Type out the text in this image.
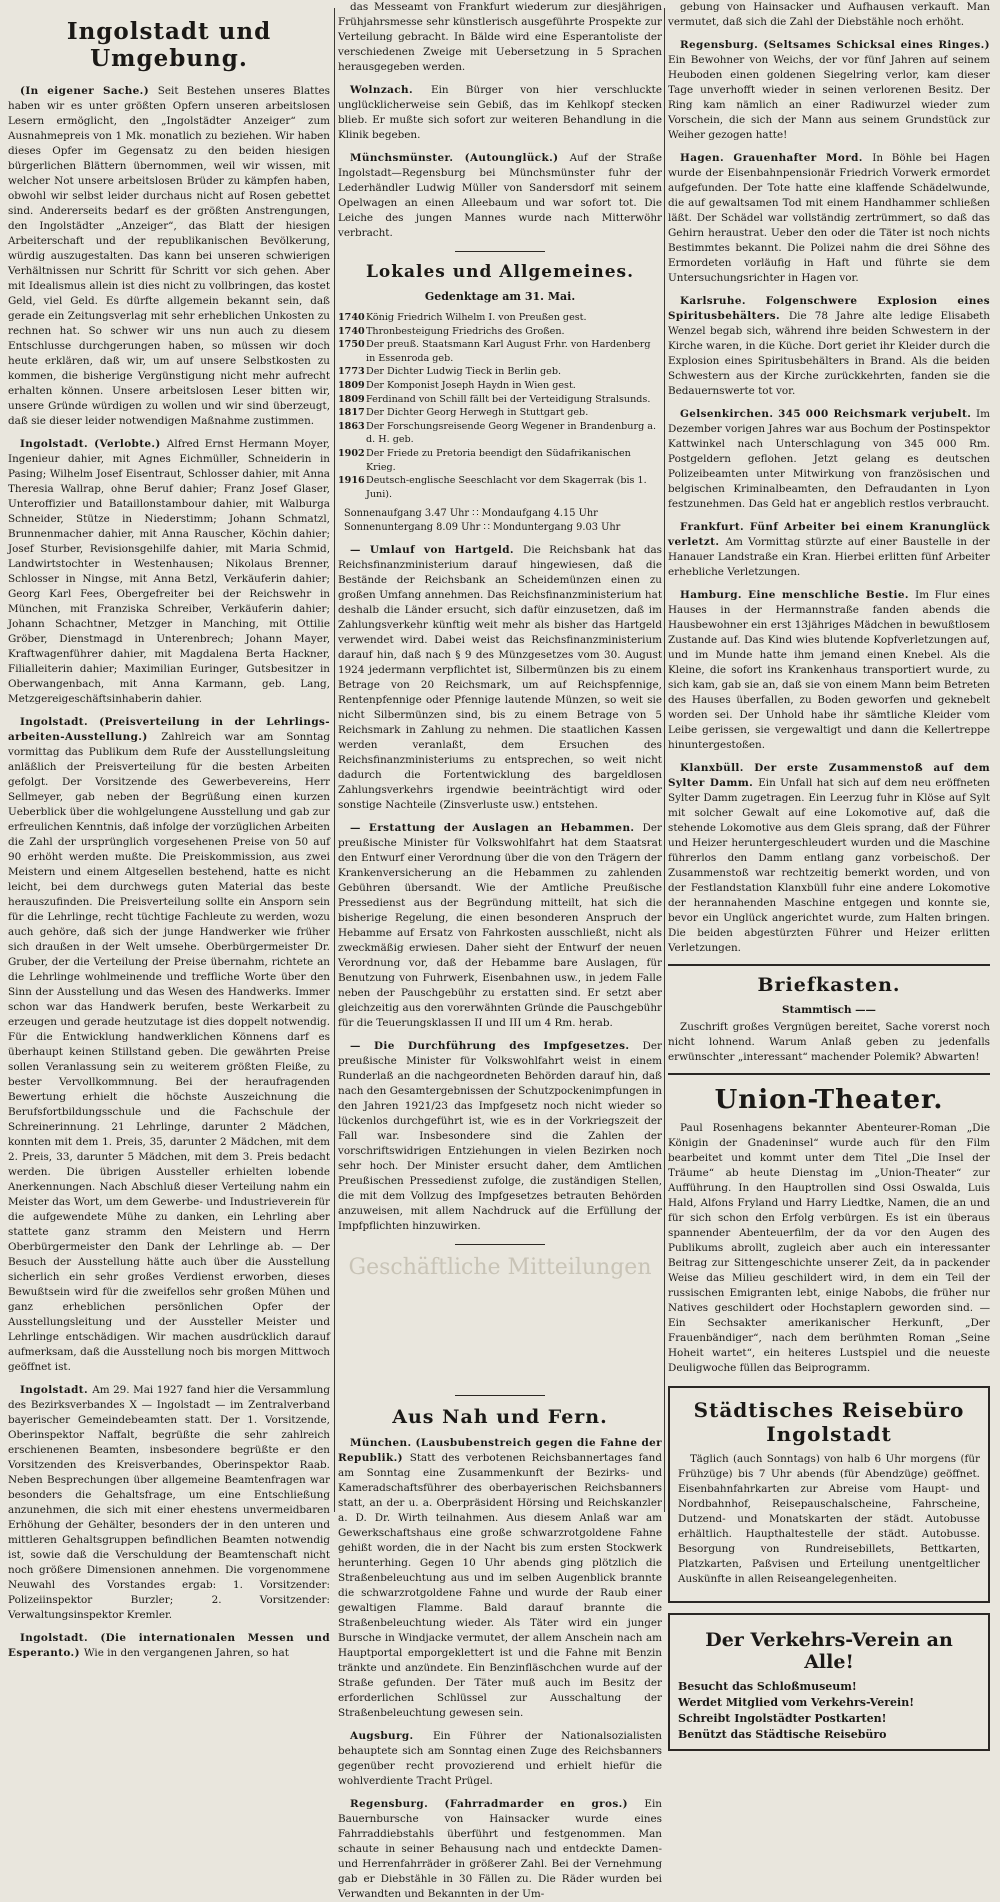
Ingolstadt und Umgebung.

(In eigener Sache.) Seit Bestehen unseres Blattes haben wir es unter größten Opfern unseren arbeitslosen Lesern ermöglicht, den „Ingolstädter Anzeiger“ zum Ausnahmepreis von 1 Mk. monatlich zu beziehen. Wir haben dieses Opfer im Gegensatz zu den beiden hiesigen bürgerlichen Blättern übernommen, weil wir wissen, mit welcher Not unsere arbeitslosen Brüder zu kämpfen haben, obwohl wir selbst leider durchaus nicht auf Rosen gebettet sind. Andererseits bedarf es der größten Anstrengungen, den Ingolstädter „Anzeiger“, das Blatt der hiesigen Arbeiterschaft und der republikanischen Bevölkerung, würdig auszugestalten. Das kann bei unseren schwierigen Verhältnissen nur Schritt für Schritt vor sich gehen. Aber mit Idealismus allein ist dies nicht zu vollbringen, das kostet Geld, viel Geld. Es dürfte allgemein bekannt sein, daß gerade ein Zeitungsverlag mit sehr erheblichen Unkosten zu rechnen hat. So schwer wir uns nun auch zu diesem Entschlusse durchgerungen haben, so müssen wir doch heute erklären, daß wir, um auf unsere Selbstkosten zu kommen, die bisherige Vergünstigung nicht mehr aufrecht erhalten können. Unsere arbeitslosen Leser bitten wir, unsere Gründe würdigen zu wollen und wir sind überzeugt, daß sie dieser leider notwendigen Maßnahme zustimmen.

Ingolstadt. (Verlobte.) Alfred Ernst Hermann Moyer, Ingenieur dahier, mit Agnes Eichmüller, Schneiderin in Pasing; Wilhelm Josef Eisentraut, Schlosser dahier, mit Anna Theresia Wallrap, ohne Beruf dahier; Franz Josef Glaser, Unteroffizier und Bataillonstambour dahier, mit Walburga Schneider, Stütze in Niederstimm; Johann Schmatzl, Brunnenmacher dahier, mit Anna Rauscher, Köchin dahier; Josef Sturber, Revisionsgehilfe dahier, mit Maria Schmid, Landwirtstochter in Westenhausen; Nikolaus Brenner, Schlosser in Ningse, mit Anna Betzl, Verkäuferin dahier; Georg Karl Fees, Obergefreiter bei der Reichswehr in München, mit Franziska Schreiber, Verkäuferin dahier; Johann Schachtner, Metzger in Manching, mit Ottilie Gröber, Dienstmagd in Unterenbrech; Johann Mayer, Kraftwagenführer dahier, mit Magdalena Berta Hackner, Filialleiterin dahier; Maximilian Euringer, Gutsbesitzer in Oberwangenbach, mit Anna Karmann, geb. Lang, Metzgereigeschäftsinhaberin dahier.

Ingolstadt. (Preisverteilung in der Lehrlings-arbeiten-Ausstellung.) Zahlreich war am Sonntag vormittag das Publikum dem Rufe der Ausstellungsleitung anläßlich der Preisverteilung für die besten Arbeiten gefolgt. Der Vorsitzende des Gewerbevereins, Herr Sellmeyer, gab neben der Begrüßung einen kurzen Ueberblick über die wohlgelungene Ausstellung und gab zur erfreulichen Kenntnis, daß infolge der vorzüglichen Arbeiten die Zahl der ursprünglich vorgesehenen Preise von 50 auf 90 erhöht werden mußte. Die Preiskommission, aus zwei Meistern und einem Altgesellen bestehend, hatte es nicht leicht, bei dem durchwegs guten Material das beste herauszufinden. Die Preisverteilung sollte ein Ansporn sein für die Lehrlinge, recht tüchtige Fachleute zu werden, wozu auch gehöre, daß sich der junge Handwerker wie früher sich draußen in der Welt umsehe. Oberbürgermeister Dr. Gruber, der die Verteilung der Preise übernahm, richtete an die Lehrlinge wohlmeinende und treffliche Worte über den Sinn der Ausstellung und das Wesen des Handwerks. Immer schon war das Handwerk berufen, beste Werkarbeit zu erzeugen und gerade heutzutage ist dies doppelt notwendig. Für die Entwicklung handwerklichen Könnens darf es überhaupt keinen Stillstand geben. Die gewährten Preise sollen Veranlassung sein zu weiterem größten Fleiße, zu bester Vervollkommnung. Bei der heraufragenden Bewertung erhielt die höchste Auszeichnung die Berufsfortbildungsschule und die Fachschule der Schreinerinnung. 21 Lehrlinge, darunter 2 Mädchen, konnten mit dem 1. Preis, 35, darunter 2 Mädchen, mit dem 2. Preis, 33, darunter 5 Mädchen, mit dem 3. Preis bedacht werden. Die übrigen Aussteller erhielten lobende Anerkennungen. Nach Abschluß dieser Verteilung nahm ein Meister das Wort, um dem Gewerbe- und Industrieverein für die aufgewendete Mühe zu danken, ein Lehrling aber stattete ganz stramm den Meistern und Herrn Oberbürgermeister den Dank der Lehrlinge ab. — Der Besuch der Ausstellung hätte auch über die Ausstellung sicherlich ein sehr großes Verdienst erworben, dieses Bewußtsein wird für die zweifellos sehr großen Mühen und ganz erheblichen persönlichen Opfer der Ausstellungsleitung und der Aussteller Meister und Lehrlinge entschädigen. Wir machen ausdrücklich darauf aufmerksam, daß die Ausstellung noch bis morgen Mittwoch geöffnet ist.

Ingolstadt. Am 29. Mai 1927 fand hier die Versammlung des Bezirksverbandes X — Ingolstadt — im Zentralverband bayerischer Gemeindebeamten statt. Der 1. Vorsitzende, Oberinspektor Naffalt, begrüßte die sehr zahlreich erschienenen Beamten, insbesondere begrüßte er den Vorsitzenden des Kreisverbandes, Oberinspektor Raab. Neben Besprechungen über allgemeine Beamtenfragen war besonders die Gehaltsfrage, um eine Entschließung anzunehmen, die sich mit einer ehestens unvermeidbaren Erhöhung der Gehälter, besonders der in den unteren und mittleren Gehaltsgruppen befindlichen Beamten notwendig ist, sowie daß die Verschuldung der Beamtenschaft nicht noch größere Dimensionen annehmen. Die vorgenommene Neuwahl des Vorstandes ergab: 1. Vorsitzender: Polizeiinspektor Burzler; 2. Vorsitzender: Verwaltungsinspektor Kremler.

Ingolstadt. (Die internationalen Messen und Esperanto.) Wie in den vergangenen Jahren, so hat

das Messeamt von Frankfurt wiederum zur diesjährigen Frühjahrsmesse sehr künstlerisch ausgeführte Prospekte zur Verteilung gebracht. In Bälde wird eine Esperantoliste der verschiedenen Zweige mit Uebersetzung in 5 Sprachen herausgegeben werden.

Wolnzach. Ein Bürger von hier verschluckte unglücklicherweise sein Gebiß, das im Kehlkopf stecken blieb. Er mußte sich sofort zur weiteren Behandlung in die Klinik begeben.

Münchsmünster. (Autounglück.) Auf der Straße Ingolstadt—Regensburg bei Münchsmünster fuhr der Lederhändler Ludwig Müller von Sandersdorf mit seinem Opelwagen an einen Alleebaum und war sofort tot. Die Leiche des jungen Mannes wurde nach Mitterwöhr verbracht.

Lokales und Allgemeines.
Gedenktage am 31. Mai.
1740 König Friedrich Wilhelm I. von Preußen gest.
1740 Thronbesteigung Friedrichs des Großen.
1750 Der preuß. Staatsmann Karl August Frhr. von Hardenberg in Essenroda geb.
1773 Der Dichter Ludwig Tieck in Berlin geb.
1809 Der Komponist Joseph Haydn in Wien gest.
1809 Ferdinand von Schill fällt bei der Verteidigung Stralsunds.
1817 Der Dichter Georg Herwegh in Stuttgart geb.
1863 Der Forschungsreisende Georg Wegener in Brandenburg a. d. H. geb.
1902 Der Friede zu Pretoria beendigt den Südafrikanischen Krieg.
1916 Deutsch-englische Seeschlacht vor dem Skagerrak (bis 1. Juni).
Sonnenaufgang 3.47 Uhr ∷ Mondaufgang 4.15 Uhr
Sonnenuntergang 8.09 Uhr ∷ Monduntergang 9.03 Uhr

— Umlauf von Hartgeld. Die Reichsbank hat das Reichsfinanzministerium darauf hingewiesen, daß die Bestände der Reichsbank an Scheidemünzen einen zu großen Umfang annehmen. Das Reichsfinanzministerium hat deshalb die Länder ersucht, sich dafür einzusetzen, daß im Zahlungsverkehr künftig weit mehr als bisher das Hartgeld verwendet wird. Dabei weist das Reichsfinanzministerium darauf hin, daß nach § 9 des Münzgesetzes vom 30. August 1924 jedermann verpflichtet ist, Silbermünzen bis zu einem Betrage von 20 Reichsmark, um auf Reichspfennige, Rentenpfennige oder Pfennige lautende Münzen, so weit sie nicht Silbermünzen sind, bis zu einem Betrage von 5 Reichsmark in Zahlung zu nehmen. Die staatlichen Kassen werden veranlaßt, dem Ersuchen des Reichsfinanzministeriums zu entsprechen, so weit nicht dadurch die Fortentwicklung des bargeldlosen Zahlungsverkehrs irgendwie beeinträchtigt wird oder sonstige Nachteile (Zinsverluste usw.) entstehen.

— Erstattung der Auslagen an Hebammen. Der preußische Minister für Volkswohlfahrt hat dem Staatsrat den Entwurf einer Verordnung über die von den Trägern der Krankenversicherung an die Hebammen zu zahlenden Gebühren übersandt. Wie der Amtliche Preußische Pressedienst aus der Begründung mitteilt, hat sich die bisherige Regelung, die einen besonderen Anspruch der Hebamme auf Ersatz von Fahrkosten ausschließt, nicht als zweckmäßig erwiesen. Daher sieht der Entwurf der neuen Verordnung vor, daß der Hebamme bare Auslagen, für Benutzung von Fuhrwerk, Eisenbahnen usw., in jedem Falle neben der Pauschgebühr zu erstatten sind. Er setzt aber gleichzeitig aus den vorerwähnten Gründe die Pauschgebühr für die Teuerungsklassen II und III um 4 Rm. herab.

— Die Durchführung des Impfgesetzes. Der preußische Minister für Volkswohlfahrt weist in einem Runderlaß an die nachgeordneten Behörden darauf hin, daß nach den Gesamtergebnissen der Schutzpockenimpfungen in den Jahren 1921/23 das Impfgesetz noch nicht wieder so lückenlos durchgeführt ist, wie es in der Vorkriegszeit der Fall war. Insbesondere sind die Zahlen der vorschriftswidrigen Entziehungen in vielen Bezirken noch sehr hoch. Der Minister ersucht daher, dem Amtlichen Preußischen Pressedienst zufolge, die zuständigen Stellen, die mit dem Vollzug des Impfgesetzes betrauten Behörden anzuweisen, mit allem Nachdruck auf die Erfüllung der Impfpflichten hinzuwirken.

Geschäftliche Mitteilungen
Aus Nah und Fern.

München. (Lausbubenstreich gegen die Fahne der Republik.) Statt des verbotenen Reichsbannertages fand am Sonntag eine Zusammenkunft der Bezirks- und Kameradschaftsführer des oberbayerischen Reichsbanners statt, an der u. a. Oberpräsident Hörsing und Reichskanzler a. D. Dr. Wirth teilnahmen. Aus diesem Anlaß war am Gewerkschaftshaus eine große schwarzrotgoldene Fahne gehißt worden, die in der Nacht bis zum ersten Stockwerk herunterhing. Gegen 10 Uhr abends ging plötzlich die Straßenbeleuchtung aus und im selben Augenblick brannte die schwarzrotgoldene Fahne und wurde der Raub einer gewaltigen Flamme. Bald darauf brannte die Straßenbeleuchtung wieder. Als Täter wird ein junger Bursche in Windjacke vermutet, der allem Anschein nach am Hauptportal emporgeklettert ist und die Fahne mit Benzin tränkte und anzündete. Ein Benzinfläschchen wurde auf der Straße gefunden. Der Täter muß auch im Besitz der erforderlichen Schlüssel zur Ausschaltung der Straßenbeleuchtung gewesen sein.

Augsburg. Ein Führer der Nationalsozialisten behauptete sich am Sonntag einen Zuge des Reichsbanners gegenüber recht provozierend und erhielt hiefür die wohlverdiente Tracht Prügel.

Regensburg. (Fahrradmarder en gros.) Ein Bauernbursche von Hainsacker wurde eines Fahrraddiebstahls überführt und festgenommen. Man schaute in seiner Behausung nach und entdeckte Damen- und Herrenfahrräder in größerer Zahl. Bei der Vernehmung gab er Diebstähle in 30 Fällen zu. Die Räder wurden bei Verwandten und Bekannten in der Um-

gebung von Hainsacker und Aufhausen verkauft. Man vermutet, daß sich die Zahl der Diebstähle noch erhöht.

Regensburg. (Seltsames Schicksal eines Ringes.) Ein Bewohner von Weichs, der vor fünf Jahren auf seinem Heuboden einen goldenen Siegelring verlor, kam dieser Tage unverhofft wieder in seinen verlorenen Besitz. Der Ring kam nämlich an einer Radiwurzel wieder zum Vorschein, die sich der Mann aus seinem Grundstück zur Weiher gezogen hatte!

Hagen. Grauenhafter Mord. In Böhle bei Hagen wurde der Eisenbahnpensionär Friedrich Vorwerk ermordet aufgefunden. Der Tote hatte eine klaffende Schädelwunde, die auf gewaltsamen Tod mit einem Handhammer schließen läßt. Der Schädel war vollständig zertrümmert, so daß das Gehirn heraustrat. Ueber den oder die Täter ist noch nichts Bestimmtes bekannt. Die Polizei nahm die drei Söhne des Ermordeten vorläufig in Haft und führte sie dem Untersuchungsrichter in Hagen vor.

Karlsruhe. Folgenschwere Explosion eines Spiritusbehälters. Die 78 Jahre alte ledige Elisabeth Wenzel begab sich, während ihre beiden Schwestern in der Kirche waren, in die Küche. Dort geriet ihr Kleider durch die Explosion eines Spiritusbehälters in Brand. Als die beiden Schwestern aus der Kirche zurückkehrten, fanden sie die Bedauernswerte tot vor.

Gelsenkirchen. 345 000 Reichsmark verjubelt. Im Dezember vorigen Jahres war aus Bochum der Postinspektor Kattwinkel nach Unterschlagung von 345 000 Rm. Postgeldern geflohen. Jetzt gelang es deutschen Polizeibeamten unter Mitwirkung von französischen und belgischen Kriminalbeamten, den Defraudanten in Lyon festzunehmen. Das Geld hat er angeblich restlos verbraucht.

Frankfurt. Fünf Arbeiter bei einem Kranunglück verletzt. Am Vormittag stürzte auf einer Baustelle in der Hanauer Landstraße ein Kran. Hierbei erlitten fünf Arbeiter erhebliche Verletzungen.

Hamburg. Eine menschliche Bestie. Im Flur eines Hauses in der Hermannstraße fanden abends die Hausbewohner ein erst 13jähriges Mädchen in bewußtlosem Zustande auf. Das Kind wies blutende Kopfverletzungen auf, und im Munde hatte ihm jemand einen Knebel. Als die Kleine, die sofort ins Krankenhaus transportiert wurde, zu sich kam, gab sie an, daß sie von einem Mann beim Betreten des Hauses überfallen, zu Boden geworfen und geknebelt worden sei. Der Unhold habe ihr sämtliche Kleider vom Leibe gerissen, sie vergewaltigt und dann die Kellertreppe hinuntergestoßen.

Klanxbüll. Der erste Zusammenstoß auf dem Sylter Damm. Ein Unfall hat sich auf dem neu eröffneten Sylter Damm zugetragen. Ein Leerzug fuhr in Klöse auf Sylt mit solcher Gewalt auf eine Lokomotive auf, daß die stehende Lokomotive aus dem Gleis sprang, daß der Führer und Heizer heruntergeschleudert wurden und die Maschine führerlos den Damm entlang ganz vorbeischoß. Der Zusammenstoß war rechtzeitig bemerkt worden, und von der Festlandstation Klanxbüll fuhr eine andere Lokomotive der herannahenden Maschine entgegen und konnte sie, bevor ein Unglück angerichtet wurde, zum Halten bringen. Die beiden abgestürzten Führer und Heizer erlitten Verletzungen.

Briefkasten.

Stammtisch ——

Zuschrift großes Vergnügen bereitet, Sache vorerst noch nicht lohnend. Warum Anlaß geben zu jedenfalls erwünschter „interessant“ machender Polemik? Abwarten!

Union-Theater.

Paul Rosenhagens bekannter Abenteurer-Roman „Die Königin der Gnadeninsel“ wurde auch für den Film bearbeitet und kommt unter dem Titel „Die Insel der Träume“ ab heute Dienstag im „Union-Theater“ zur Aufführung. In den Hauptrollen sind Ossi Oswalda, Luis Hald, Alfons Fryland und Harry Liedtke, Namen, die an und für sich schon den Erfolg verbürgen. Es ist ein überaus spannender Abenteuerfilm, der da vor den Augen des Publikums abrollt, zugleich aber auch ein interessanter Beitrag zur Sittengeschichte unserer Zeit, da in packender Weise das Milieu geschildert wird, in dem ein Teil der russischen Emigranten lebt, einige Nabobs, die früher nur Natives geschildert oder Hochstaplern geworden sind. — Ein Sechsakter amerikanischer Herkunft, „Der Frauenbändiger“, nach dem berühmten Roman „Seine Hoheit wartet“, ein heiteres Lustspiel und die neueste Deuligwoche füllen das Beiprogramm.

Städtisches Reisebüro Ingolstadt

Täglich (auch Sonntags) von halb 6 Uhr morgens (für Frühzüge) bis 7 Uhr abends (für Abendzüge) geöffnet. Eisenbahnfahrkarten zur Abreise vom Haupt- und Nordbahnhof, Reisepauschalscheine, Fahrscheine, Dutzend- und Monatskarten der städt. Autobusse erhältlich. Haupthaltestelle der städt. Autobusse. Besorgung von Rundreisebillets, Bettkarten, Platzkarten, Paßvisen und Erteilung unentgeltlicher Auskünfte in allen Reiseangelegenheiten.

Der Verkehrs-Verein an Alle!

Besucht das Schloßmuseum!

Werdet Mitglied vom Verkehrs-Verein!

Schreibt Ingolstädter Postkarten!

Benützt das Städtische Reisebüro
